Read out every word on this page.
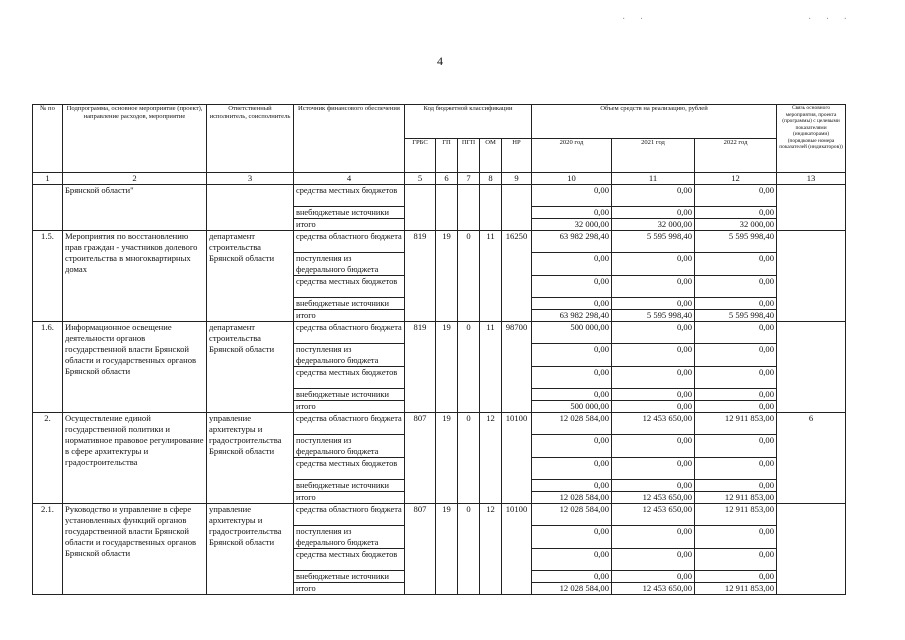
· ·	· · ·
4
№ по	Подпрограмма, основное мероприятие (проект), направление расходов, мероприятие	Ответственный исполнитель, соисполнитель	Источник финансового обеспечения	Код бюджетной классификации					Объем средств на реализацию, рублей			Связь основного мероприятия, проекта (программы) с целевыми показателями (индикаторами) (порядковые номера показателей (индикаторов))
				ГРБС	ГП	ПГП	ОМ	НР	2020 год	2021 год	2022 год	
1	2	3	4	5	6	7	8	9	10	11	12	13
	Брянской области"		средства местных бюджетов						0,00	0,00	0,00	
			внебюджетные источники						0,00	0,00	0,00	
			итого						32 000,00	32 000,00	32 000,00	
1.5.	Мероприятия по восстановлению прав граждан - участников долевого строительства в многоквартирных домах	департамент строительства Брянской области	средства областного бюджета	819	19	0	11	16250	63 982 298,40	5 595 998,40	5 595 998,40	
			поступления из федерального бюджета						0,00	0,00	0,00	
			средства местных бюджетов						0,00	0,00	0,00	
			внебюджетные источники						0,00	0,00	0,00	
			итого						63 982 298,40	5 595 998,40	5 595 998,40	
1.6.	Информационное освещение деятельности органов государственной власти Брянской области и государственных органов Брянской области	департамент строительства Брянской области	средства областного бюджета	819	19	0	11	98700	500 000,00	0,00	0,00	
			поступления из федерального бюджета						0,00	0,00	0,00	
			средства местных бюджетов						0,00	0,00	0,00	
			внебюджетные источники						0,00	0,00	0,00	
			итого						500 000,00	0,00	0,00	
2.	Осуществление единой государственной политики и нормативное правовое регулирование в сфере архитектуры и градостроительства	управление архитектуры и градостроительства Брянской области	средства областного бюджета	807	19	0	12	10100	12 028 584,00	12 453 650,00	12 911 853,00	6
			поступления из федерального бюджета						0,00	0,00	0,00	
			средства местных бюджетов						0,00	0,00	0,00	
			внебюджетные источники						0,00	0,00	0,00	
			итого						12 028 584,00	12 453 650,00	12 911 853,00	
2.1.	Руководство и управление в сфере установленных функций органов государственной власти Брянской области и государственных органов Брянской области	управление архитектуры и градостроительства Брянской области	средства областного бюджета	807	19	0	12	10100	12 028 584,00	12 453 650,00	12 911 853,00	
			поступления из федерального бюджета						0,00	0,00	0,00	
			средства местных бюджетов						0,00	0,00	0,00	
			внебюджетные источники						0,00	0,00	0,00	
			итого						12 028 584,00	12 453 650,00	12 911 853,00	
